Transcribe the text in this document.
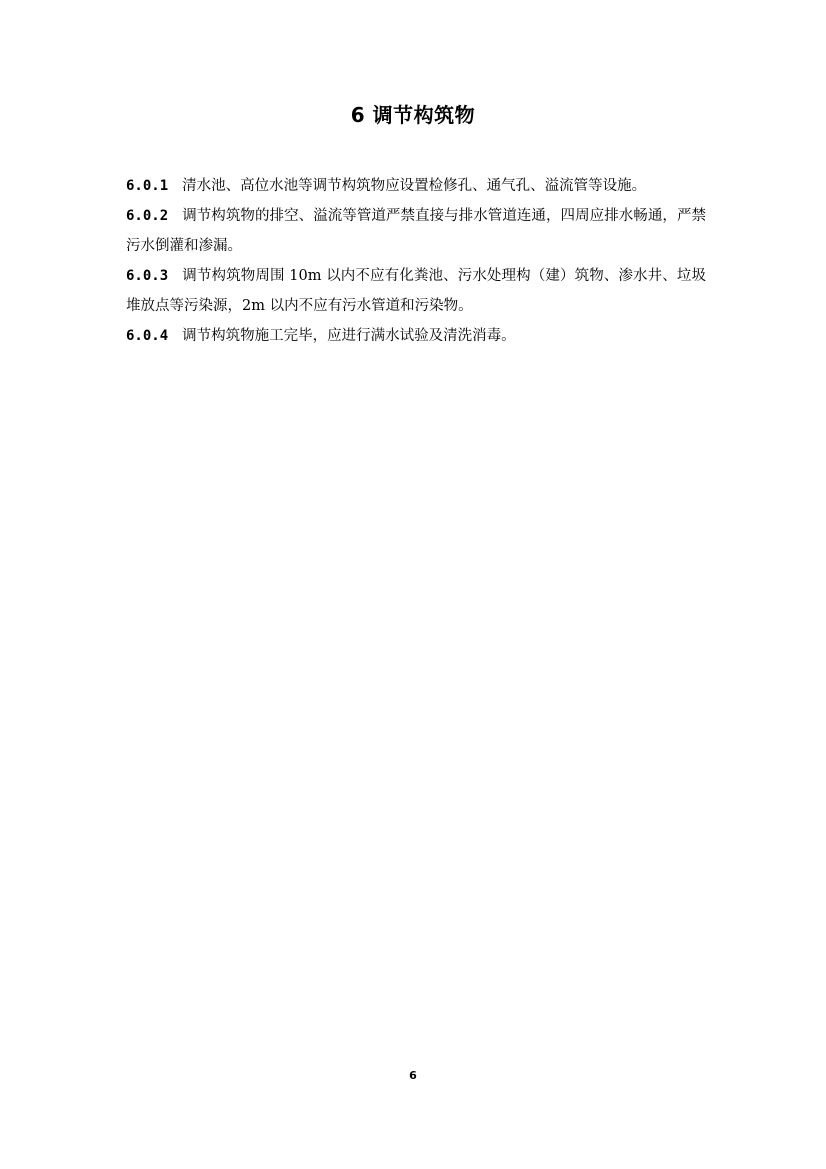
6 调节构筑物

6.0.1 清水池、高位水池等调节构筑物应设置检修孔、通气孔、溢流管等设施。

6.0.2 调节构筑物的排空、溢流等管道严禁直接与排水管道连通，四周应排水畅通，严禁污水倒灌和渗漏。

6.0.3 调节构筑物周围 10m 以内不应有化粪池、污水处理构（建）筑物、渗水井、垃圾堆放点等污染源，2m 以内不应有污水管道和污染物。

6.0.4 调节构筑物施工完毕，应进行满水试验及清洗消毒。

6
